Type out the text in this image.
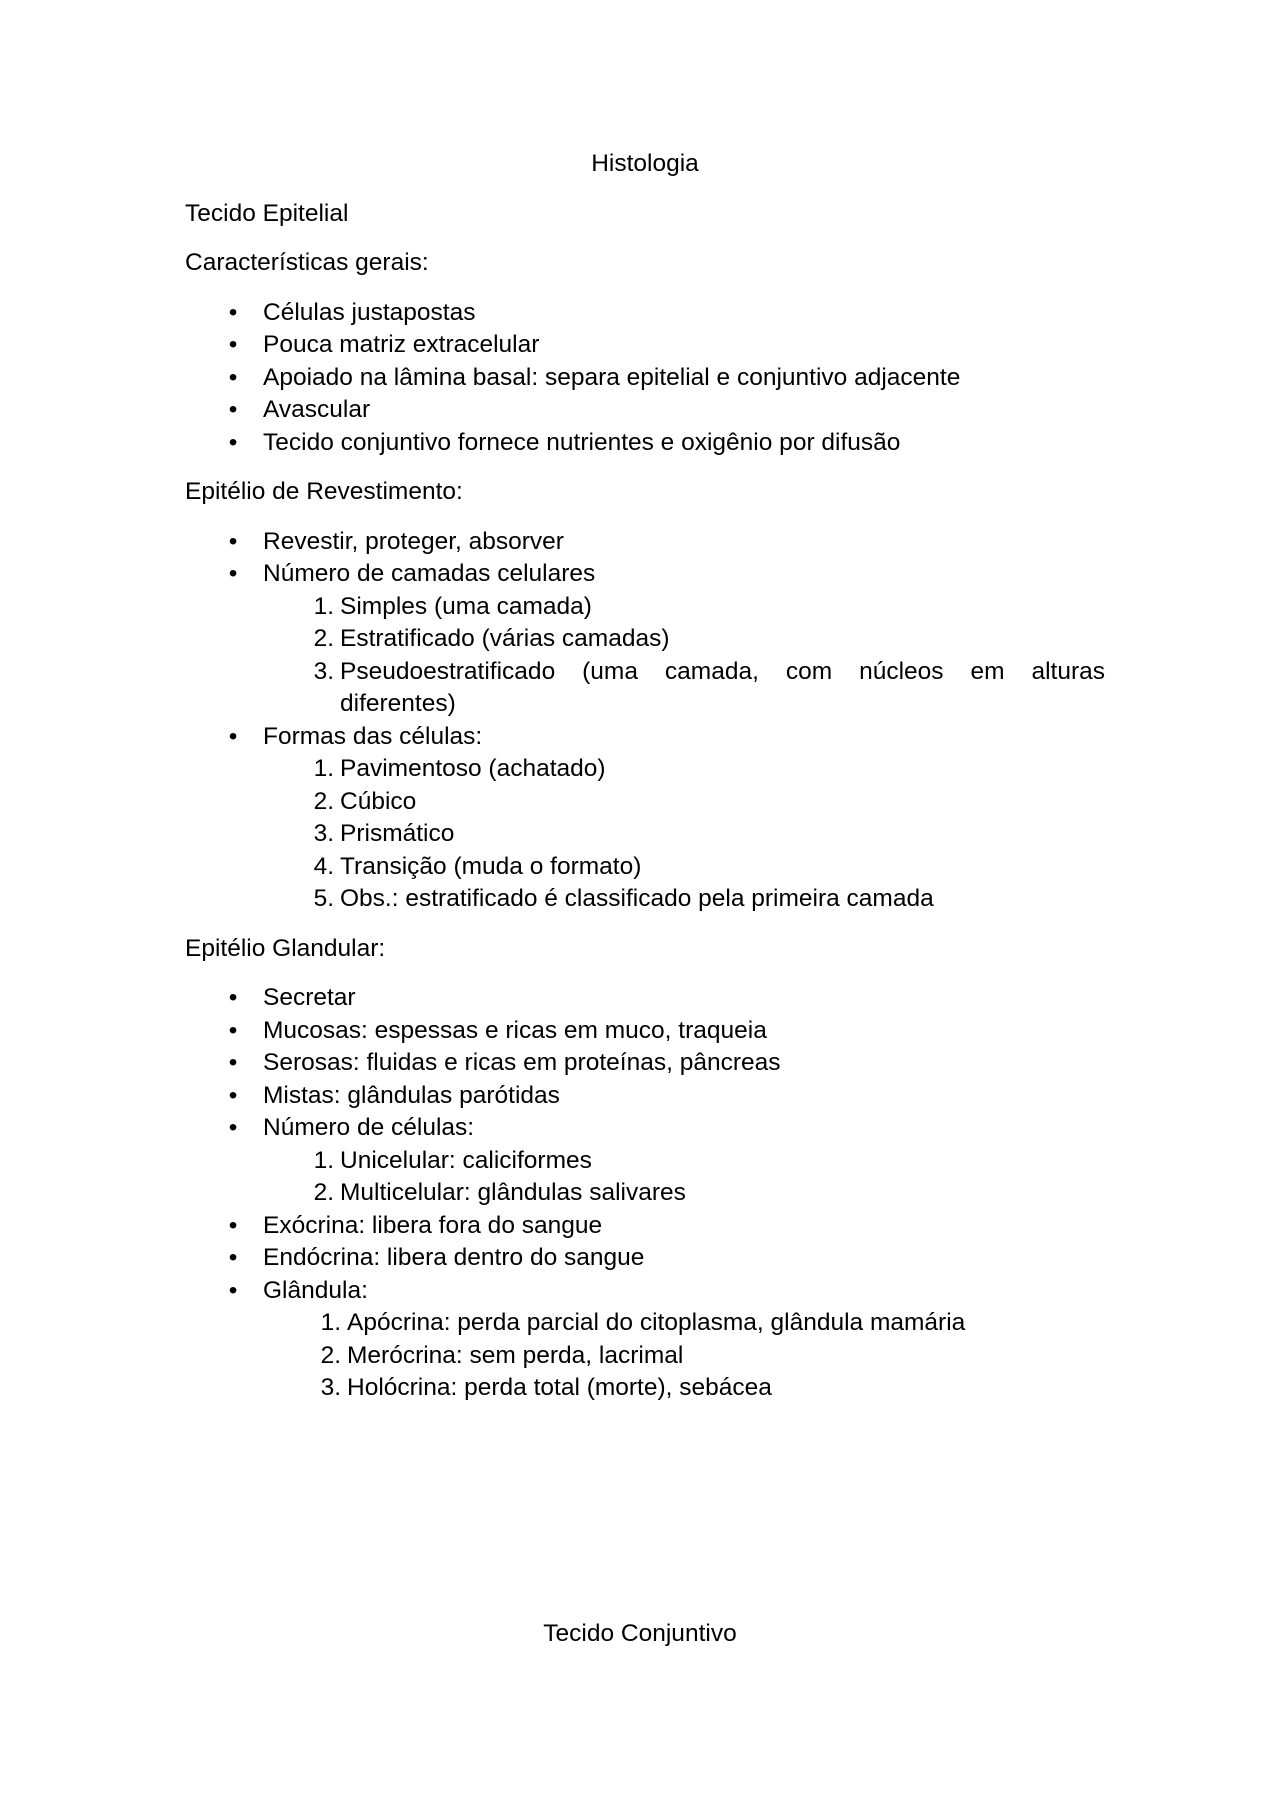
Histologia
Tecido Epitelial
Características gerais:
• Células justapostas
• Pouca matriz extracelular
• Apoiado na lâmina basal: separa epitelial e conjuntivo adjacente
• Avascular
• Tecido conjuntivo fornece nutrientes e oxigênio por difusão
Epitélio de Revestimento:
• Revestir, proteger, absorver
• Número de camadas celulares
1. Simples (uma camada)
2. Estratificado (várias camadas)
3. Pseudoestratificado (uma camada, com núcleos em alturas
diferentes)
• Formas das células:
1. Pavimentoso (achatado)
2. Cúbico
3. Prismático
4. Transição (muda o formato)
5. Obs.: estratificado é classificado pela primeira camada
Epitélio Glandular:
• Secretar
• Mucosas: espessas e ricas em muco, traqueia
• Serosas: fluidas e ricas em proteínas, pâncreas
• Mistas: glândulas parótidas
• Número de células:
1. Unicelular: caliciformes
2. Multicelular: glândulas salivares
• Exócrina: libera fora do sangue
• Endócrina: libera dentro do sangue
• Glândula:
1. Apócrina: perda parcial do citoplasma, glândula mamária
2. Merócrina: sem perda, lacrimal
3. Holócrina: perda total (morte), sebácea
Tecido Conjuntivo
